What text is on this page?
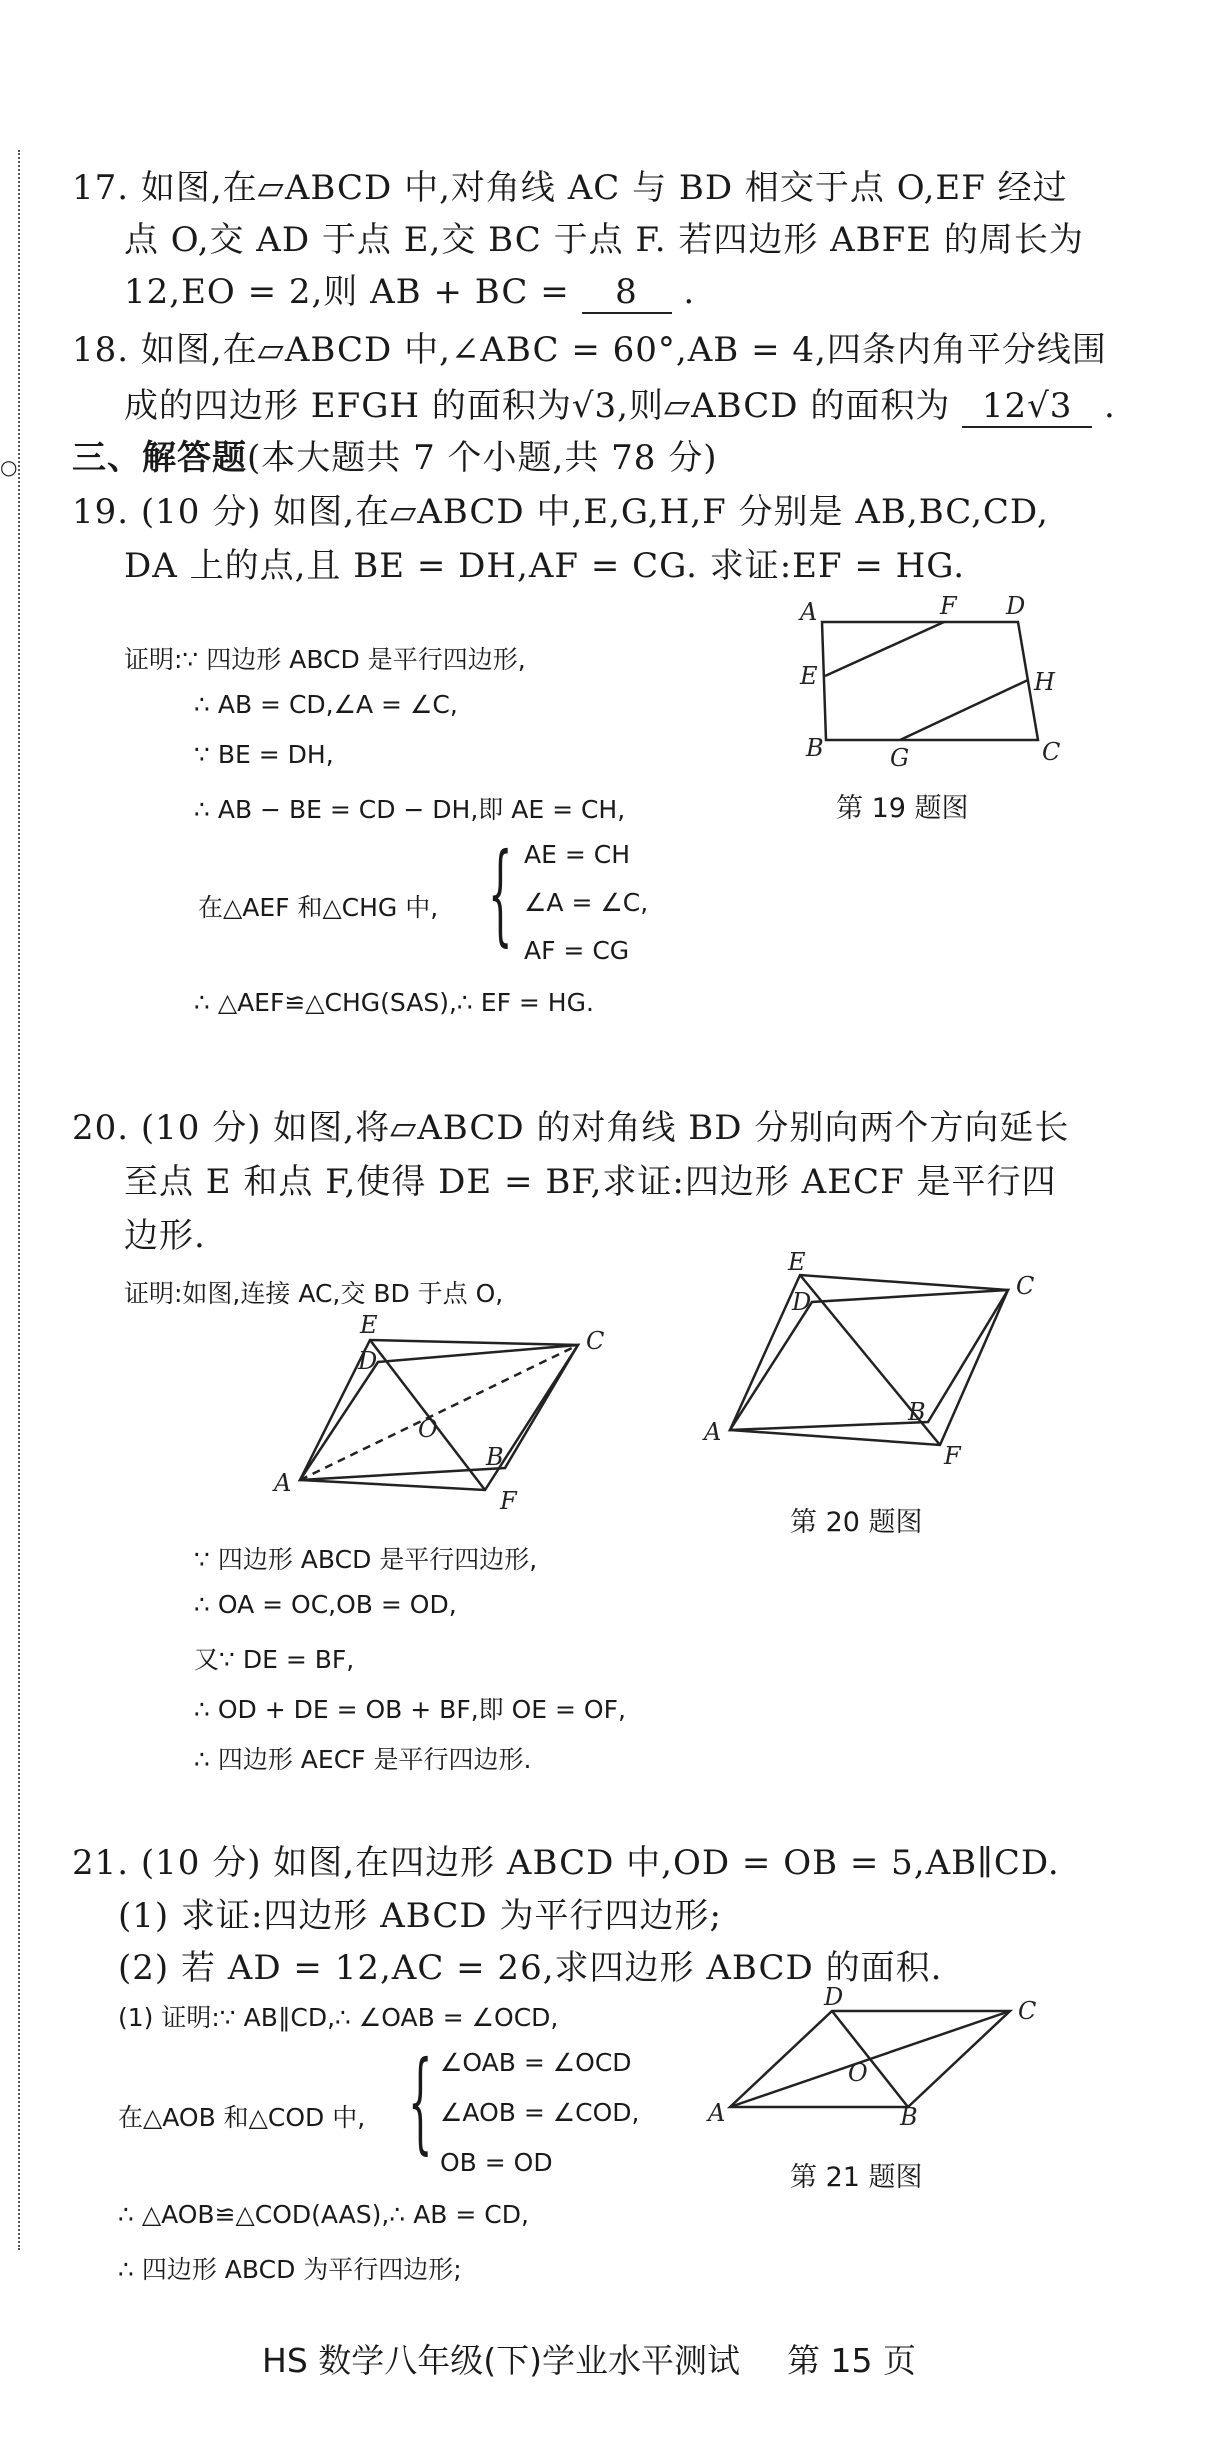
○
17. 如图,在▱ABCD 中,对角线 AC 与 BD 相交于点 O,EF 经过
点 O,交 AD 于点 E,交 BC 于点 F. 若四边形 ABFE 的周长为
12,EO = 2,则 AB + BC = 8 .
18. 如图,在▱ABCD 中,∠ABC = 60°,AB = 4,四条内角平分线围
成的四边形 EFGH 的面积为√3,则▱ABCD 的面积为 12√3 .
三、解答题(本大题共 7 个小题,共 78 分)
19. (10 分) 如图,在▱ABCD 中,E,G,H,F 分别是 AB,BC,CD,
DA 上的点,且 BE = DH,AF = CG. 求证:EF = HG.
证明:∵ 四边形 ABCD 是平行四边形,
∴ AB = CD,∠A = ∠C,
∵ BE = DH,
∴ AB − BE = CD − DH,即 AE = CH,
在△AEF 和△CHG 中, { AE = CH
∠A = ∠C,
AF = CG
∴ △AEF≌△CHG(SAS),∴ EF = HG.
A	F D
E	H
B	G	C
第 19 题图
20. (10 分) 如图,将▱ABCD 的对角线 BD 分别向两个方向延长
至点 E 和点 F,使得 DE = BF,求证:四边形 AECF 是平行四
边形.
证明:如图,连接 AC,交 BD 于点 O,
E
D
C
O
B
A
F
E
D
C
B
A
F
第 20 题图
∵ 四边形 ABCD 是平行四边形,
∴ OA = OC,OB = OD,
又∵ DE = BF,
∴ OD + DE = OB + BF,即 OE = OF,
∴ 四边形 AECF 是平行四边形.
21. (10 分) 如图,在四边形 ABCD 中,OD = OB = 5,AB∥CD.
(1) 求证:四边形 ABCD 为平行四边形;
(2) 若 AD = 12,AC = 26,求四边形 ABCD 的面积.
(1) 证明:∵ AB∥CD,∴ ∠OAB = ∠OCD,
在△AOB 和△COD 中, { ∠OAB = ∠OCD
∠AOB = ∠COD,
OB = OD
∴ △AOB≌△COD(AAS),∴ AB = CD,
∴ 四边形 ABCD 为平行四边形;
D	C
O
A	B
第 21 题图
HS 数学八年级(下)学业水平测试 第 15 页
